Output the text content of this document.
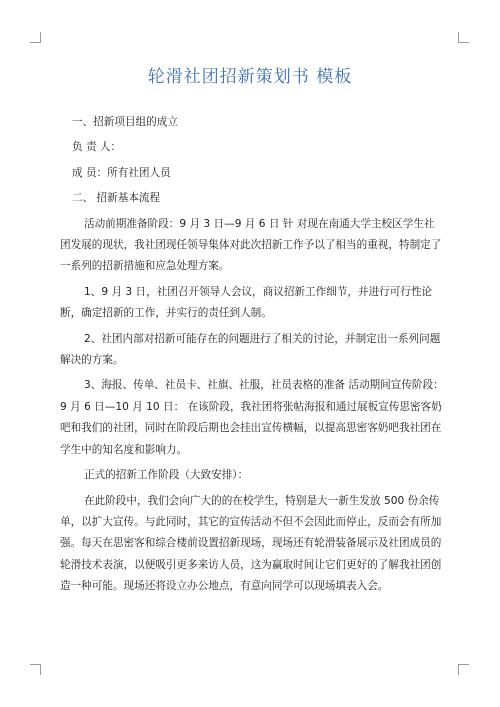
轮滑社团招新策划书 模板

一、招新项目组的成立

负 责 人：

成 员：所有社团人员

二、 招新基本流程

活动前期准备阶段：9 月 3 日—9 月 6 日 针 对现在南通大学主校区学生社团发展的现状，我社团现任领导集体对此次招新工作予以了相当的重视，特制定了一系列的招新措施和应急处理方案。

1、9 月 3 日，社团召开领导人会议，商议招新工作细节，并进行可行性论断，确定招新的工作，并实行的责任到人制。

2、社团内部对招新可能存在的问题进行了相关的讨论，并制定出一系列问题解决的方案。

3、海报、传单、社员卡、社旗、社服，社员表格的准备 活动期间宣传阶段：9 月 6 日—10 月 10 日： 在该阶段，我社团将张帖海报和通过展板宣传思密客奶吧和我们的社团，同时在阶段后期也会挂出宣传横幅，以提高思密客奶吧我社团在学生中的知名度和影响力。

正式的招新工作阶段（大致安排）：

在此阶段中，我们会向广大的的在校学生，特别是大一新生发放 500 份余传单，以扩大宣传。与此同时，其它的宣传活动不但不会因此而停止，反而会有所加强。每天在思密客和综合楼前设置招新现场，现场还有轮滑装备展示及社团成员的轮滑技术表演，以便吸引更多来访人员，这为赢取时间让它们更好的了解我社团创造一种可能。现场还将设立办公地点，有意向同学可以现场填表入会。
